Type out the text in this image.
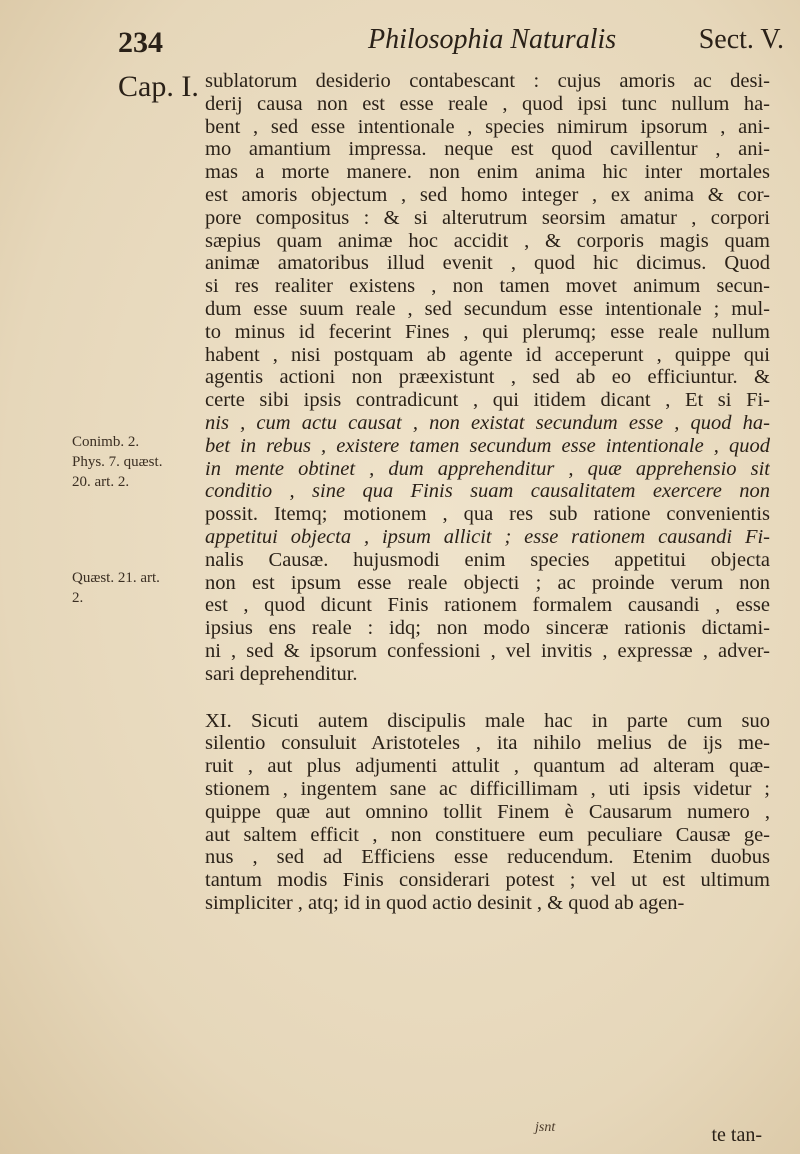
234	Philosophia Naturalis	Sect. V.
Cap. I.
Conimb. 2.
Phys. 7. quæst.
20. art. 2.
Quæst. 21. art.
2.
sublatorum desiderio contabescant : cujus amoris ac desi-
derij causa non est esse reale , quod ipsi tunc nullum ha-
bent , sed esse intentionale , species nimirum ipsorum , ani-
mo amantium impressa. neque est quod cavillentur , ani-
mas a morte manere. non enim anima hic inter mortales
est amoris objectum , sed homo integer , ex anima & cor-
pore compositus : & si alterutrum seorsim amatur , corpori
sæpius quam animæ hoc accidit , & corporis magis quam
animæ amatoribus illud evenit , quod hic dicimus. Quod
si res realiter existens , non tamen movet animum secun-
dum esse suum reale , sed secundum esse intentionale ; mul-
to minus id fecerint Fines , qui plerumq; esse reale nullum
habent , nisi postquam ab agente id acceperunt , quippe qui
agentis actioni non præexistunt , sed ab eo efficiuntur. &
certe sibi ipsis contradicunt , qui itidem dicant , Et si Fi-
nis , cum actu causat , non existat secundum esse , quod ha-
bet in rebus , existere tamen secundum esse intentionale , quod
in mente obtinet , dum apprehenditur , quæ apprehensio sit
conditio , sine qua Finis suam causalitatem exercere non
possit. Itemq; motionem , qua res sub ratione convenientis
appetitui objecta , ipsum allicit ; esse rationem causandi Fi-
nalis Causæ. hujusmodi enim species appetitui objecta
non est ipsum esse reale objecti ; ac proinde verum non
est , quod dicunt Finis rationem formalem causandi , esse
ipsius ens reale : idq; non modo sinceræ rationis dictami-
ni , sed & ipsorum confessioni , vel invitis , expressæ , adver-
sari deprehenditur.
XI. Sicuti autem discipulis male hac in parte cum suo
silentio consuluit Aristoteles , ita nihilo melius de ijs me-
ruit , aut plus adjumenti attulit , quantum ad alteram quæ-
stionem , ingentem sane ac difficillimam , uti ipsis videtur ;
quippe quæ aut omnino tollit Finem è Causarum numero ,
aut saltem efficit , non constituere eum peculiare Causæ ge-
nus , sed ad Efficiens esse reducendum. Etenim duobus
tantum modis Finis considerari potest ; vel ut est ultimum
simpliciter , atq; id in quod actio desinit , & quod ab agen-
jsnt	te tan-
